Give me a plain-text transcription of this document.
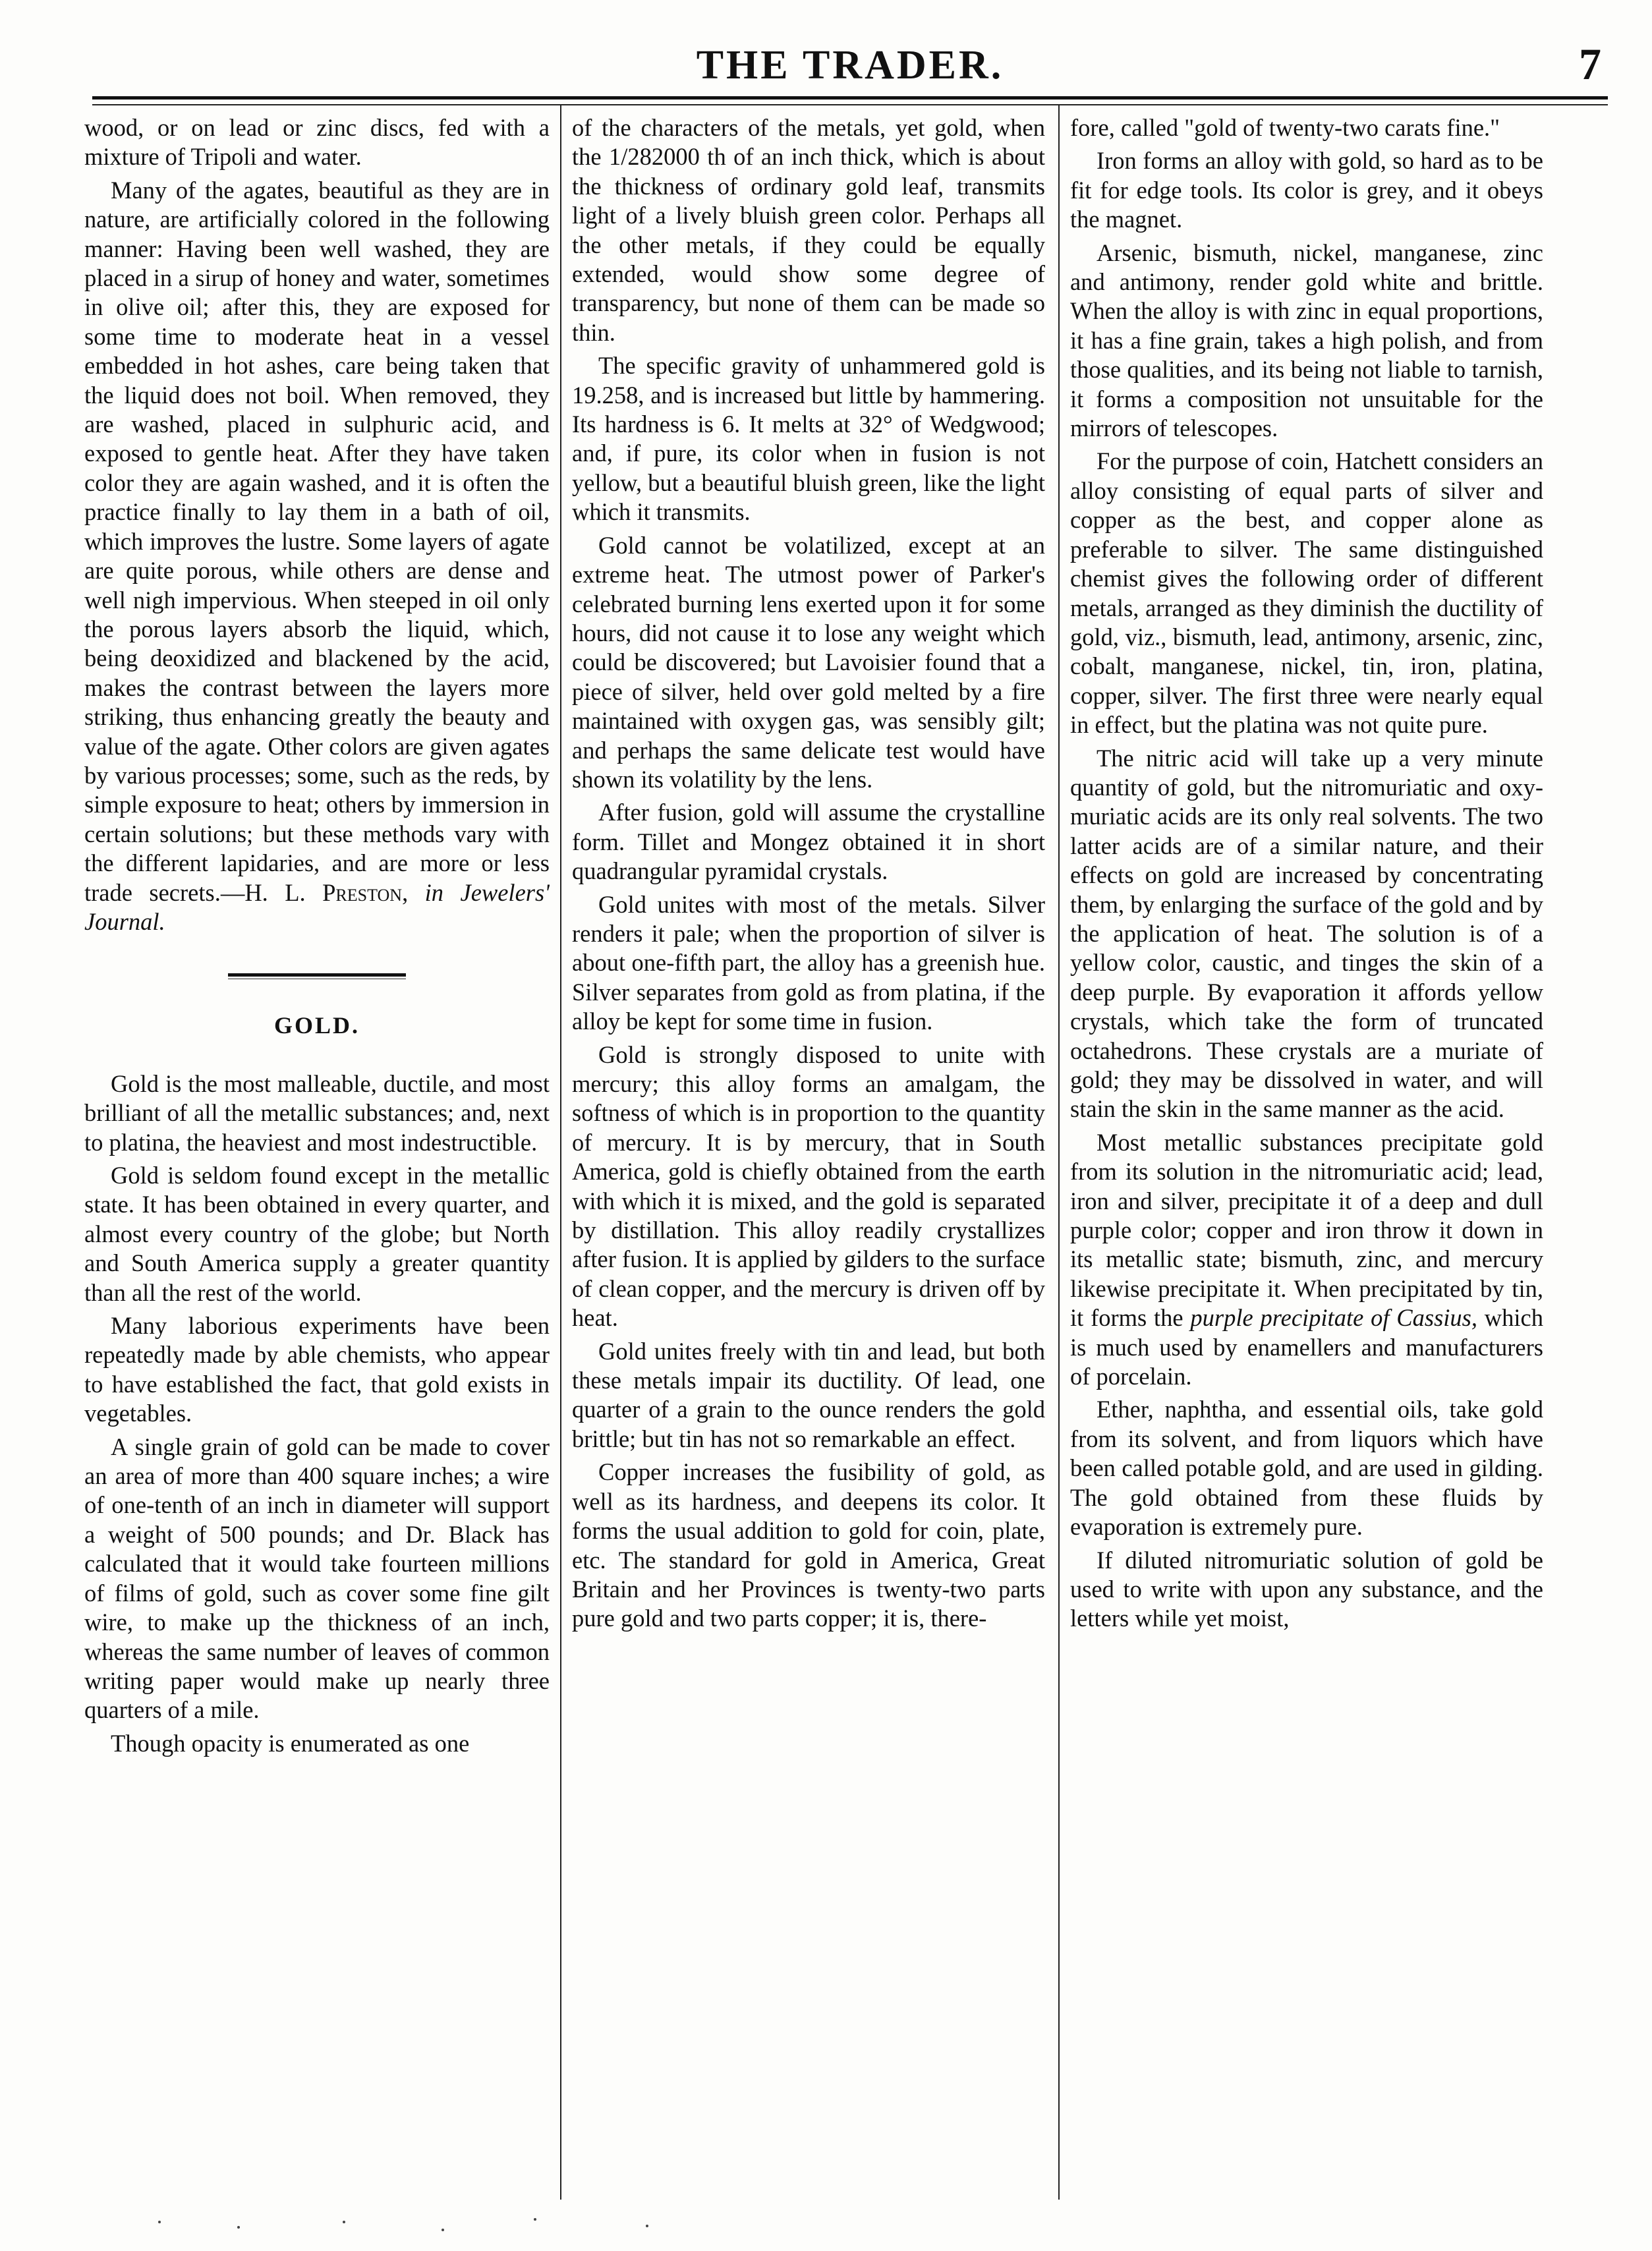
THE TRADER.	7

wood, or on lead or zinc discs, fed with a mixture of Tripoli and water.

Many of the agates, beautiful as they are in nature, are artificially colored in the following manner: Having been well washed, they are placed in a sirup of honey and water, sometimes in olive oil; after this, they are exposed for some time to moderate heat in a vessel embedded in hot ashes, care being taken that the liquid does not boil. When removed, they are washed, placed in sulphuric acid, and exposed to gentle heat. After they have taken color they are again washed, and it is often the practice finally to lay them in a bath of oil, which improves the lustre. Some layers of agate are quite porous, while others are dense and well nigh impervious. When steeped in oil only the porous layers absorb the liquid, which, being deoxidized and blackened by the acid, makes the contrast between the layers more striking, thus enhancing greatly the beauty and value of the agate. Other colors are given agates by various processes; some, such as the reds, by simple exposure to heat; others by immersion in certain solutions; but these methods vary with the different lapidaries, and are more or less trade secrets.—H. L. Preston, in Jewelers' Journal.

GOLD.

Gold is the most malleable, ductile, and most brilliant of all the metallic substances; and, next to platina, the heaviest and most indestructible.

Gold is seldom found except in the metallic state. It has been obtained in every quarter, and almost every country of the globe; but North and South America supply a greater quantity than all the rest of the world.

Many laborious experiments have been repeatedly made by able chemists, who appear to have established the fact, that gold exists in vegetables.

A single grain of gold can be made to cover an area of more than 400 square inches; a wire of one-tenth of an inch in diameter will support a weight of 500 pounds; and Dr. Black has calculated that it would take fourteen millions of films of gold, such as cover some fine gilt wire, to make up the thickness of an inch, whereas the same number of leaves of common writing paper would make up nearly three quarters of a mile.

Though opacity is enumerated as one

of the characters of the metals, yet gold, when the 1/282000 th of an inch thick, which is about the thickness of ordinary gold leaf, transmits light of a lively bluish green color. Perhaps all the other metals, if they could be equally extended, would show some degree of transparency, but none of them can be made so thin.

The specific gravity of unhammered gold is 19.258, and is increased but little by hammering. Its hardness is 6. It melts at 32° of Wedgwood; and, if pure, its color when in fusion is not yellow, but a beautiful bluish green, like the light which it transmits.

Gold cannot be volatilized, except at an extreme heat. The utmost power of Parker's celebrated burning lens exerted upon it for some hours, did not cause it to lose any weight which could be discovered; but Lavoisier found that a piece of silver, held over gold melted by a fire maintained with oxygen gas, was sensibly gilt; and perhaps the same delicate test would have shown its volatility by the lens.

After fusion, gold will assume the crystalline form. Tillet and Mongez obtained it in short quadrangular pyramidal crystals.

Gold unites with most of the metals. Silver renders it pale; when the proportion of silver is about one-fifth part, the alloy has a greenish hue. Silver separates from gold as from platina, if the alloy be kept for some time in fusion.

Gold is strongly disposed to unite with mercury; this alloy forms an amalgam, the softness of which is in proportion to the quantity of mercury. It is by mercury, that in South America, gold is chiefly obtained from the earth with which it is mixed, and the gold is separated by distillation. This alloy readily crystallizes after fusion. It is applied by gilders to the surface of clean copper, and the mercury is driven off by heat.

Gold unites freely with tin and lead, but both these metals impair its ductility. Of lead, one quarter of a grain to the ounce renders the gold brittle; but tin has not so remarkable an effect.

Copper increases the fusibility of gold, as well as its hardness, and deepens its color. It forms the usual addition to gold for coin, plate, etc. The standard for gold in America, Great Britain and her Provinces is twenty-two parts pure gold and two parts copper; it is, there-

fore, called "gold of twenty-two carats fine."

Iron forms an alloy with gold, so hard as to be fit for edge tools. Its color is grey, and it obeys the magnet.

Arsenic, bismuth, nickel, manganese, zinc and antimony, render gold white and brittle. When the alloy is with zinc in equal proportions, it has a fine grain, takes a high polish, and from those qualities, and its being not liable to tarnish, it forms a composition not unsuitable for the mirrors of telescopes.

For the purpose of coin, Hatchett considers an alloy consisting of equal parts of silver and copper as the best, and copper alone as preferable to silver. The same distinguished chemist gives the following order of different metals, arranged as they diminish the ductility of gold, viz., bismuth, lead, antimony, arsenic, zinc, cobalt, manganese, nickel, tin, iron, platina, copper, silver. The first three were nearly equal in effect, but the platina was not quite pure.

The nitric acid will take up a very minute quantity of gold, but the nitromuriatic and oxy-muriatic acids are its only real solvents. The two latter acids are of a similar nature, and their effects on gold are increased by concentrating them, by enlarging the surface of the gold and by the application of heat. The solution is of a yellow color, caustic, and tinges the skin of a deep purple. By evaporation it affords yellow crystals, which take the form of truncated octahedrons. These crystals are a muriate of gold; they may be dissolved in water, and will stain the skin in the same manner as the acid.

Most metallic substances precipitate gold from its solution in the nitromuriatic acid; lead, iron and silver, precipitate it of a deep and dull purple color; copper and iron throw it down in its metallic state; bismuth, zinc, and mercury likewise precipitate it. When precipitated by tin, it forms the purple precipitate of Cassius, which is much used by enamellers and manufacturers of porcelain.

Ether, naphtha, and essential oils, take gold from its solvent, and from liquors which have been called potable gold, and are used in gilding. The gold obtained from these fluids by evaporation is extremely pure.

If diluted nitromuriatic solution of gold be used to write with upon any substance, and the letters while yet moist,
